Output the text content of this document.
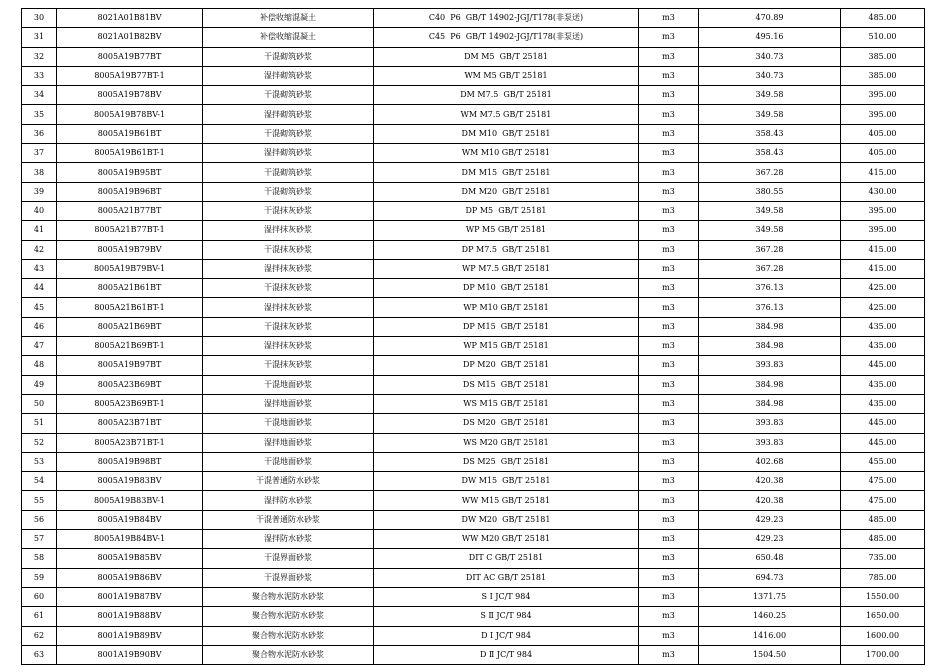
30	8021A01B81BV	补偿收缩混凝土	C40  P6  GB/T 14902-JGJ/T178(非泵送)	m3	470.89	485.00
31	8021A01B82BV	补偿收缩混凝土	C45  P6  GB/T 14902-JGJ/T178(非泵送)	m3	495.16	510.00
32	8005A19B77BT	干混砌筑砂浆	DM M5  GB/T 25181	m3	340.73	385.00
33	8005A19B77BT-1	湿拌砌筑砂浆	WM M5 GB/T 25181	m3	340.73	385.00
34	8005A19B78BV	干混砌筑砂浆	DM M7.5  GB/T 25181	m3	349.58	395.00
35	8005A19B78BV-1	湿拌砌筑砂浆	WM M7.5 GB/T 25181	m3	349.58	395.00
36	8005A19B61BT	干混砌筑砂浆	DM M10  GB/T 25181	m3	358.43	405.00
37	8005A19B61BT-1	湿拌砌筑砂浆	WM M10 GB/T 25181	m3	358.43	405.00
38	8005A19B95BT	干混砌筑砂浆	DM M15  GB/T 25181	m3	367.28	415.00
39	8005A19B96BT	干混砌筑砂浆	DM M20  GB/T 25181	m3	380.55	430.00
40	8005A21B77BT	干混抹灰砂浆	DP M5  GB/T 25181	m3	349.58	395.00
41	8005A21B77BT-1	湿拌抹灰砂浆	WP M5 GB/T 25181	m3	349.58	395.00
42	8005A19B79BV	干混抹灰砂浆	DP M7.5  GB/T 25181	m3	367.28	415.00
43	8005A19B79BV-1	湿拌抹灰砂浆	WP M7.5 GB/T 25181	m3	367.28	415.00
44	8005A21B61BT	干混抹灰砂浆	DP M10  GB/T 25181	m3	376.13	425.00
45	8005A21B61BT-1	湿拌抹灰砂浆	WP M10 GB/T 25181	m3	376.13	425.00
46	8005A21B69BT	干混抹灰砂浆	DP M15  GB/T 25181	m3	384.98	435.00
47	8005A21B69BT-1	湿拌抹灰砂浆	WP M15 GB/T 25181	m3	384.98	435.00
48	8005A19B97BT	干混抹灰砂浆	DP M20  GB/T 25181	m3	393.83	445.00
49	8005A23B69BT	干混地面砂浆	DS M15  GB/T 25181	m3	384.98	435.00
50	8005A23B69BT-1	湿拌地面砂浆	WS M15 GB/T 25181	m3	384.98	435.00
51	8005A23B71BT	干混地面砂浆	DS M20  GB/T 25181	m3	393.83	445.00
52	8005A23B71BT-1	湿拌地面砂浆	WS M20 GB/T 25181	m3	393.83	445.00
53	8005A19B98BT	干混地面砂浆	DS M25  GB/T 25181	m3	402.68	455.00
54	8005A19B83BV	干混普通防水砂浆	DW M15  GB/T 25181	m3	420.38	475.00
55	8005A19B83BV-1	湿拌防水砂浆	WW M15 GB/T 25181	m3	420.38	475.00
56	8005A19B84BV	干混普通防水砂浆	DW M20  GB/T 25181	m3	429.23	485.00
57	8005A19B84BV-1	湿拌防水砂浆	WW M20 GB/T 25181	m3	429.23	485.00
58	8005A19B85BV	干混界面砂浆	DIT C GB/T 25181	m3	650.48	735.00
59	8005A19B86BV	干混界面砂浆	DIT AC GB/T 25181	m3	694.73	785.00
60	8001A19B87BV	聚合物水泥防水砂浆	S Ⅰ JC/T 984	m3	1371.75	1550.00
61	8001A19B88BV	聚合物水泥防水砂浆	S Ⅱ JC/T 984	m3	1460.25	1650.00
62	8001A19B89BV	聚合物水泥防水砂浆	D Ⅰ JC/T 984	m3	1416.00	1600.00
63	8001A19B90BV	聚合物水泥防水砂浆	D Ⅱ JC/T 984	m3	1504.50	1700.00
